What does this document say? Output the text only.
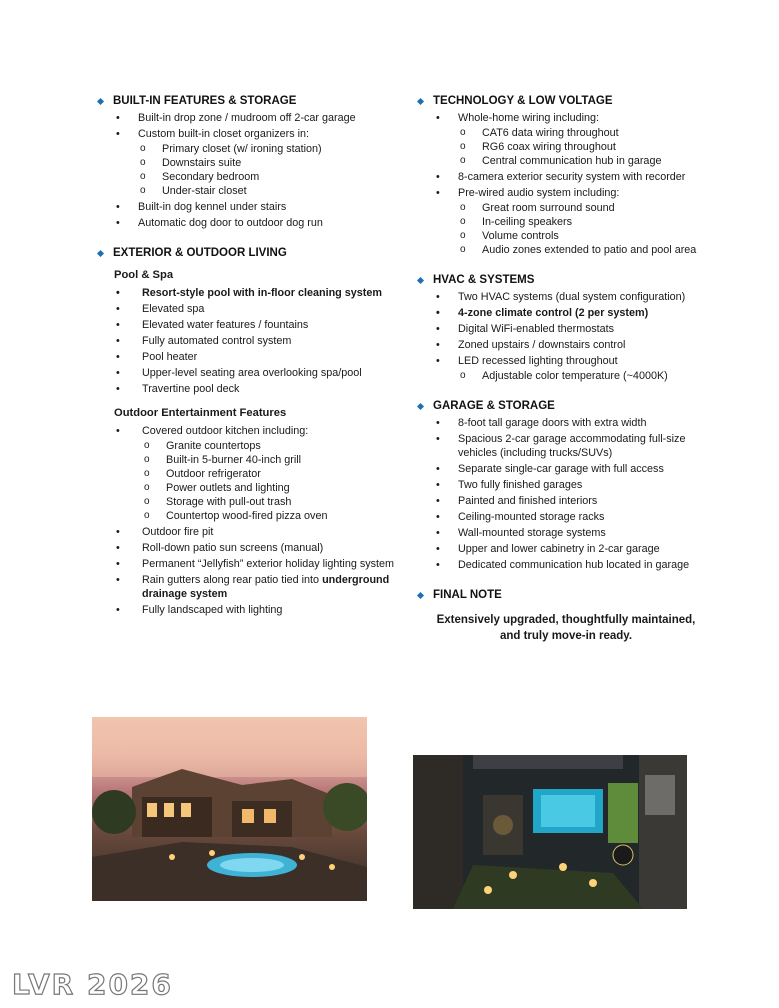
BUILT-IN FEATURES & STORAGE
• Built-in drop zone / mudroom off 2-car garage
• Custom built-in closet organizers in:
o Primary closet (w/ ironing station)
o Downstairs suite
o Secondary bedroom
o Under-stair closet
• Built-in dog kennel under stairs
• Automatic dog door to outdoor dog run
EXTERIOR & OUTDOOR LIVING
Pool & Spa
• Resort-style pool with in-floor cleaning system
• Elevated spa
• Elevated water features / fountains
• Fully automated control system
• Pool heater
• Upper-level seating area overlooking spa/pool
• Travertine pool deck
Outdoor Entertainment Features
• Covered outdoor kitchen including:
o Granite countertops
o Built-in 5-burner 40-inch grill
o Outdoor refrigerator
o Power outlets and lighting
o Storage with pull-out trash
o Countertop wood-fired pizza oven
• Outdoor fire pit
• Roll-down patio sun screens (manual)
• Permanent “Jellyfish” exterior holiday lighting system
• Rain gutters along rear patio tied into underground drainage system
• Fully landscaped with lighting
TECHNOLOGY & LOW VOLTAGE
• Whole-home wiring including:
o CAT6 data wiring throughout
o RG6 coax wiring throughout
o Central communication hub in garage
• 8-camera exterior security system with recorder
• Pre-wired audio system including:
o Great room surround sound
o In-ceiling speakers
o Volume controls
o Audio zones extended to patio and pool area
HVAC & SYSTEMS
• Two HVAC systems (dual system configuration)
• 4-zone climate control (2 per system)
• Digital WiFi-enabled thermostats
• Zoned upstairs / downstairs control
• LED recessed lighting throughout
o Adjustable color temperature (~4000K)
GARAGE & STORAGE
• 8-foot tall garage doors with extra width
• Spacious 2-car garage accommodating full-size vehicles (including trucks/SUVs)
• Separate single-car garage with full access
• Two fully finished garages
• Painted and finished interiors
• Ceiling-mounted storage racks
• Wall-mounted storage systems
• Upper and lower cabinetry in 2-car garage
• Dedicated communication hub located in garage
FINAL NOTE
Extensively upgraded, thoughtfully maintained,
and truly move-in ready.
LVR 2026
